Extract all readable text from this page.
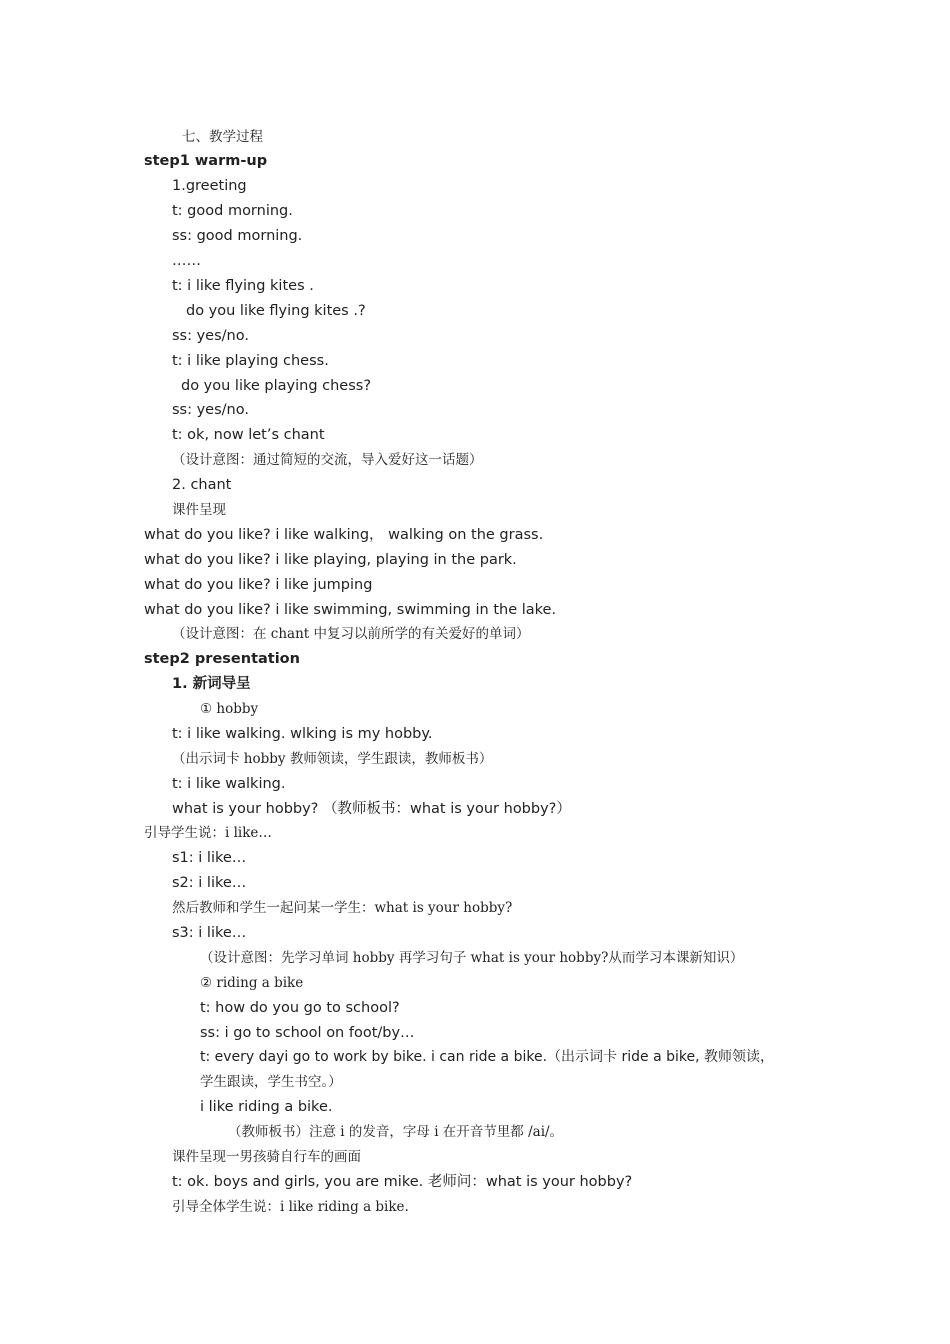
七、教学过程
step1 warm-up
1.greeting
t: good morning.
ss: good morning.
……
t: i like flying kites .
do you like flying kites .?
ss: yes/no.
t: i like playing chess.
do you like playing chess?
ss: yes/no.
t: ok, now let’s chant
（设计意图：通过简短的交流，导入爱好这一话题）
2. chant
课件呈现
what do you like? i like walking， walking on the grass.
what do you like? i like playing, playing in the park.
what do you like? i like jumping
what do you like? i like swimming, swimming in the lake.
（设计意图：在 chant 中复习以前所学的有关爱好的单词）
step2 presentation
1. 新词导呈
① hobby
t: i like walking. wlking is my hobby.
（出示词卡 hobby 教师领读，学生跟读，教师板书）
t: i like walking.
what is your hobby? （教师板书：what is your hobby?）
引导学生说：i like…
s1: i like…
s2: i like…
然后教师和学生一起问某一学生：what is your hobby?
s3: i like…
（设计意图：先学习单词 hobby 再学习句子 what is your hobby?从而学习本课新知识）
② riding a bike
t: how do you go to school?
ss: i go to school on foot/by…
t: every dayi go to work by bike. i can ride a bike.（出示词卡 ride a bike, 教师领读，
学生跟读，学生书空。）
i like riding a bike.
（教师板书）注意 i 的发音，字母 i 在开音节里都 /ai/。
课件呈现一男孩骑自行车的画面
t: ok. boys and girls, you are mike. 老师问：what is your hobby?
引导全体学生说：i like riding a bike.
